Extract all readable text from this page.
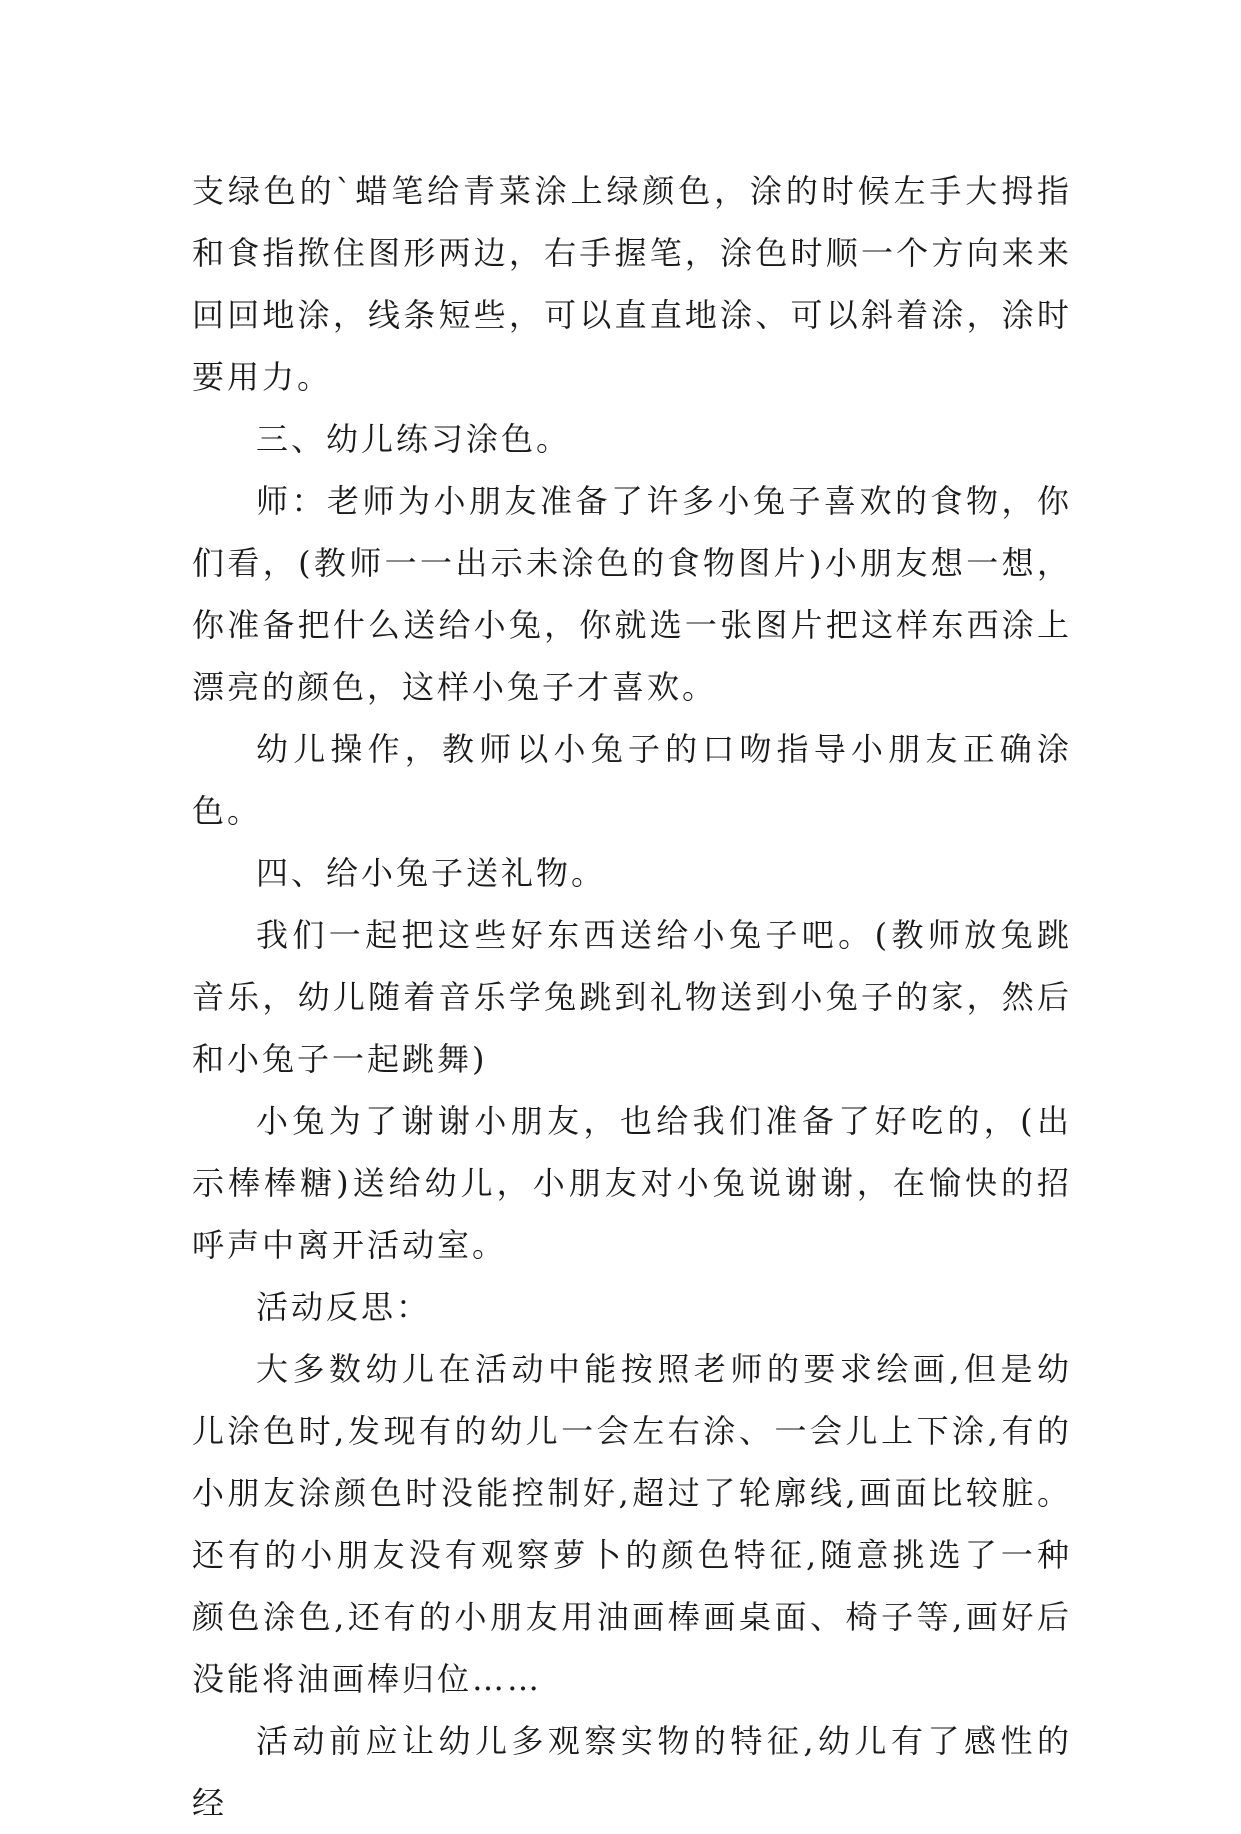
支绿色的`蜡笔给青菜涂上绿颜色，涂的时候左手大拇指和食指揿住图形两边，右手握笔，涂色时顺一个方向来来回回地涂，线条短些，可以直直地涂、可以斜着涂，涂时要用力。

三、幼儿练习涂色。

师：老师为小朋友准备了许多小兔子喜欢的食物，你们看，(教师一一出示未涂色的食物图片)小朋友想一想，你准备把什么送给小兔，你就选一张图片把这样东西涂上漂亮的颜色，这样小兔子才喜欢。

幼儿操作，教师以小兔子的口吻指导小朋友正确涂色。

四、给小兔子送礼物。

我们一起把这些好东西送给小兔子吧。(教师放兔跳音乐，幼儿随着音乐学兔跳到礼物送到小兔子的家，然后和小兔子一起跳舞)

小兔为了谢谢小朋友，也给我们准备了好吃的，(出示棒棒糖)送给幼儿，小朋友对小兔说谢谢，在愉快的招呼声中离开活动室。

活动反思：

大多数幼儿在活动中能按照老师的要求绘画,但是幼儿涂色时,发现有的幼儿一会左右涂、一会儿上下涂,有的小朋友涂颜色时没能控制好,超过了轮廓线,画面比较脏。还有的小朋友没有观察萝卜的颜色特征,随意挑选了一种颜色涂色,还有的小朋友用油画棒画桌面、椅子等,画好后没能将油画棒归位……

活动前应让幼儿多观察实物的特征,幼儿有了感性的经
